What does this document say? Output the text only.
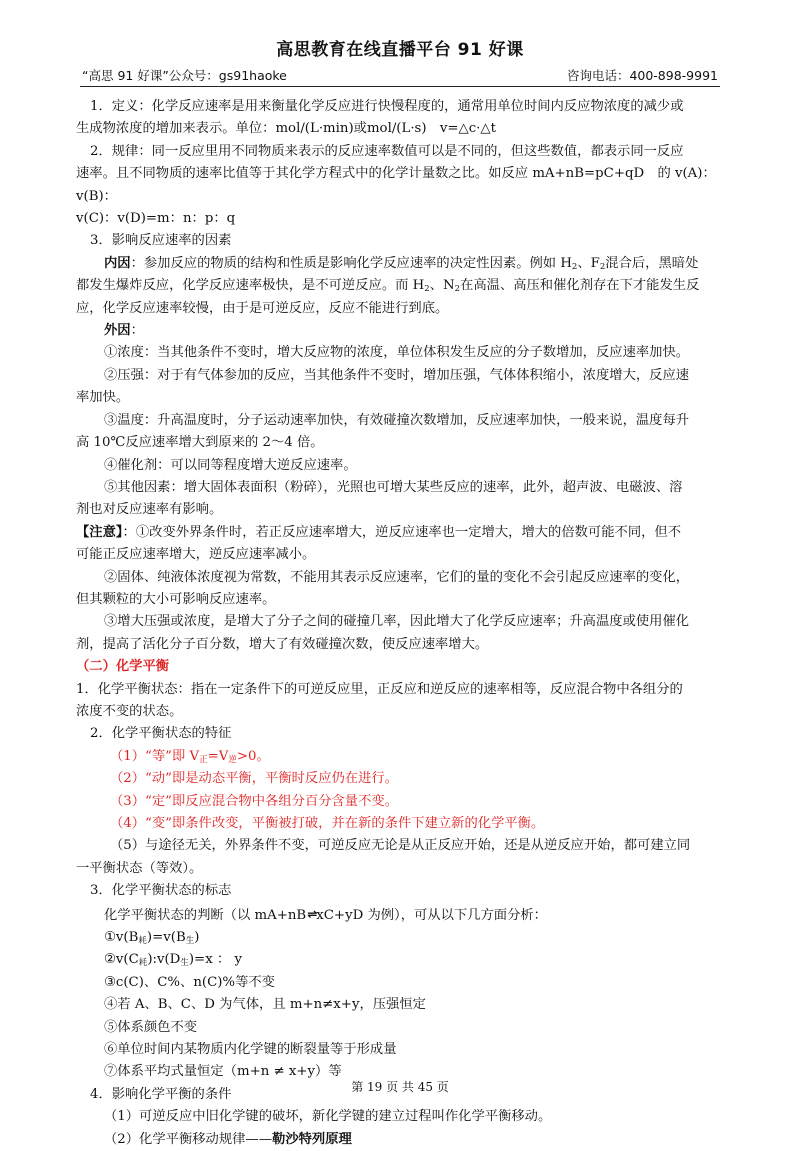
高思教育在线直播平台 91 好课
“高思 91 好课”公众号：gs91haoke	咨询电话：400-898-9991

1．定义：化学反应速率是用来衡量化学反应进行快慢程度的，通常用单位时间内反应物浓度的减少或

生成物浓度的增加来表示。单位：mol/(L·min)或mol/(L·s)　v=△c·△t

2．规律：同一反应里用不同物质来表示的反应速率数值可以是不同的，但这些数值，都表示同一反应

速率。且不同物质的速率比值等于其化学方程式中的化学计量数之比。如反应 mA+nB=pC+qD　的 v(A)：v(B)：

v(C)：v(D)=m：n：p：q

3．影响反应速率的因素

内因：参加反应的物质的结构和性质是影响化学反应速率的决定性因素。例如 $H_2$、$F_2$混合后，黑暗处

都发生爆炸反应，化学反应速率极快，是不可逆反应。而 $H_2$、$N_2$在高温、高压和催化剂存在下才能发生反

应，化学反应速率较慢，由于是可逆反应，反应不能进行到底。

外因：

①浓度：当其他条件不变时，增大反应物的浓度，单位体积发生反应的分子数增加，反应速率加快。

②压强：对于有气体参加的反应，当其他条件不变时，增加压强，气体体积缩小，浓度增大，反应速

率加快。

③温度：升高温度时，分子运动速率加快，有效碰撞次数增加，反应速率加快，一般来说，温度每升

高 10℃反应速率增大到原来的 2～4 倍。

④催化剂：可以同等程度增大逆反应速率。

⑤其他因素：增大固体表面积（粉碎），光照也可增大某些反应的速率，此外，超声波、电磁波、溶

剂也对反应速率有影响。

【注意】：①改变外界条件时，若正反应速率增大，逆反应速率也一定增大，增大的倍数可能不同，但不

可能正反应速率增大，逆反应速率减小。

②固体、纯液体浓度视为常数，不能用其表示反应速率，它们的量的变化不会引起反应速率的变化，

但其颗粒的大小可影响反应速率。

③增大压强或浓度，是增大了分子之间的碰撞几率，因此增大了化学反应速率；升高温度或使用催化

剂，提高了活化分子百分数，增大了有效碰撞次数，使反应速率增大。

（二）化学平衡

1．化学平衡状态：指在一定条件下的可逆反应里，正反应和逆反应的速率相等，反应混合物中各组分的

浓度不变的状态。

2．化学平衡状态的特征

（1）“等”即 $V_正=V_逆>0$。

（2）“动”即是动态平衡，平衡时反应仍在进行。

（3）“定”即反应混合物中各组分百分含量不变。

（4）“变”即条件改变，平衡被打破，并在新的条件下建立新的化学平衡。

（5）与途径无关，外界条件不变，可逆反应无论是从正反应开始，还是从逆反应开始，都可建立同

一平衡状态（等效）。

3．化学平衡状态的标志

化学平衡状态的判断（以 mA+nB⇌xC+yD 为例），可从以下几方面分析：

$①v(B_耗)=v(B_生)$

$②v(C_耗):v(D_生)=x$ ： y

③c(C)、C%、n(C)%等不变

④若 A、B、C、D 为气体，且 m+n≠x+y，压强恒定

⑤体系颜色不变

⑥单位时间内某物质内化学键的断裂量等于形成量

⑦体系平均式量恒定（m+n ≠ x+y）等

4．影响化学平衡的条件

（1）可逆反应中旧化学键的破坏，新化学键的建立过程叫作化学平衡移动。

（2）化学平衡移动规律——勒沙特列原理

第 19 页 共 45 页
